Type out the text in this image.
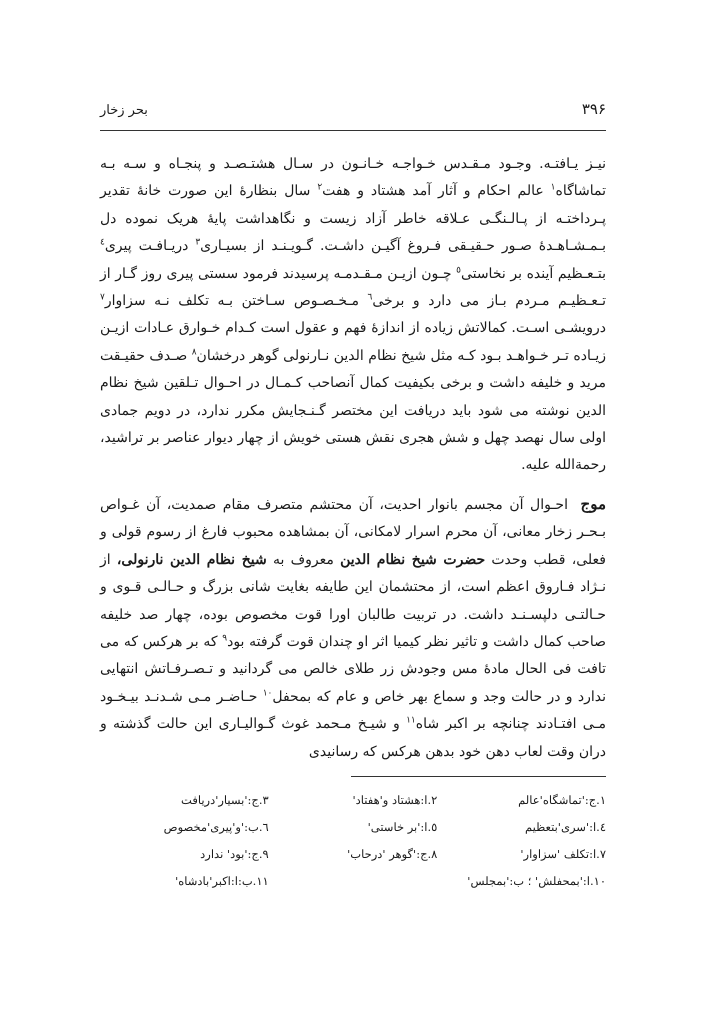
۳۹۶
بحر زخار

نیـز یـافتـه. وجـود مـقـدس خـواجـه خـانـون در سـال هشتـصـد و پنجـاه و سـه بـه تماشاگاه$^۱$ عالم احکام و آثار آمد هشتاد و هفت$^۲$ سال بنظارۀ این صورت خانۀ تقدیر پـرداختـه از پـالـنگـی عـلاقه خاطر آزاد زیست و نگاهداشت پایۀ هریک نموده دل بـمـشـاهـدۀ صـور حـقیـقی فـروغ آگیـن داشـت. گـویـنـد از بسیـاری$^۳$ دریـافـت پیری$^٤$ بتـعـظیم آینده بر نخاستی$^٥$ چـون ازیـن مـقـدمـه پرسیدند فرمود سستی پیری روز گـار از تـعـظیـم مـردم بـاز می دارد و برخی$^٦$ مـخـصـوص سـاختن بـه تکلف نـه سزاوار$^۷$ درویشـی اسـت. کمالاتش زیاده از اندازۀ فهم و عقول است کـدام خـوارق عـادات ازیـن زیـاده تـر خـواهـد بـود کـه مثل شیخ نظام الدین نـارنولی گوهر درخشان$^۸$ صـدف حقیـقت مرید و خلیفه داشت و برخی بکیفیت کمال آنصاحب کـمـال در احـوال تـلقین شیخ نظام الدین نوشته می شود باید دریافت این مختصر گـنـجایش مکرر ندارد، در دویم جمادی اولی سال نهصد چهل و شش هجری نقش هستی خویش از چهار دیوار عناصر بر تراشید، رحمةالله علیه.

موج احـوال آن مجسم بانوار احدیت، آن محتشم متصرف مقام صمدیت، آن غـواص بـحـر زخار معانی، آن محرم اسرار لامکانی، آن بمشاهده محبوب فارغ از رسوم قولی و فعلی، قطب وحدت حضرت شیخ نظام الدین معروف به شیخ نظام الدین نارنولی، از نـژاد فـاروق اعظم است، از محتشمان این طایفه بغایت شانی بزرگ و حـالـی قـوی و حـالتـی دلپسـنـد داشت. در تربیت طالبان اورا قوت مخصوص بوده، چهار صد خلیفه صاحب کمال داشت و تاثیر نظر کیمیا اثر او چندان قوت گرفته بود$^۹$ که بر هرکس که می تافت فی الحال مادۀ مس وجودش زر طلای خالص می گردانید و تـصـرفـاتش انتهایی ندارد و در حالت وجد و سماع بهر خاص و عام که بمحفل$^{۱۰}$ حـاضـر مـی شـدنـد بیـخـود مـی افتـادند چنانچه بر اکبر شاه$^{۱۱}$ و شیـخ مـحمد غوث گـوالیـاری این حالت گذشته و دران وقت لعاب دهن خود بدهن هرکس که رسانیدی

۱.ج:'تماشگاه'عالم
۲.ا:هشتاد و'هفتاد'
۳.ج:'بسیار'دریافت
٤.ا:'سری'بتعظیم
٥.ا:'بر خاستی'
٦.ب:'و'پیری'مخصوص
۷.ا:تکلف 'سزاوار'
۸.ج:'گوهر 'درحاب'
۹.ج:'بود' ندارد
۱۰.ا:'بمحفلش' ؛ ب:'بمجلس'
۱۱.ب:ا:اکبر'بادشاه'
